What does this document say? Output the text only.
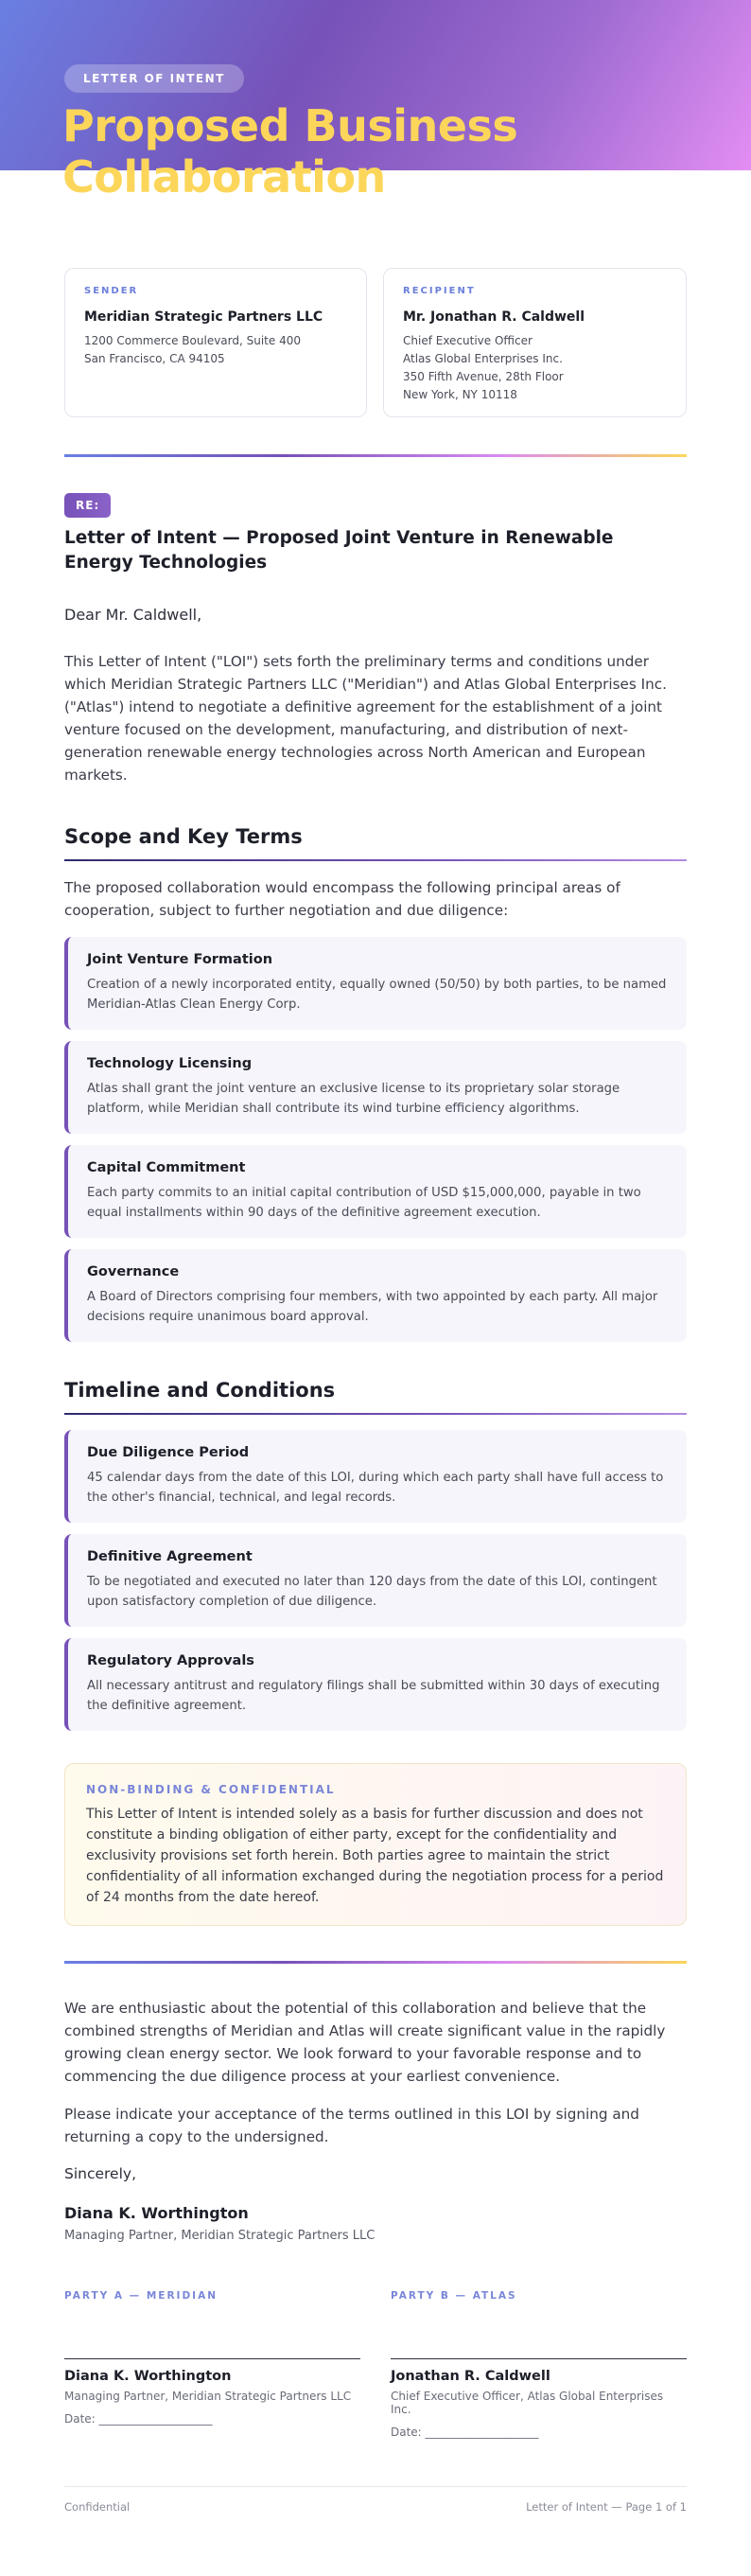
LETTER OF INTENT
Proposed Business Collaboration
SENDER
Meridian Strategic Partners LLC
1200 Commerce Boulevard, Suite 400
San Francisco, CA 94105
RECIPIENT
Mr. Jonathan R. Caldwell
Chief Executive Officer
Atlas Global Enterprises Inc.
350 Fifth Avenue, 28th Floor
New York, NY 10118
RE:
Letter of Intent — Proposed Joint Venture in Renewable Energy Technologies
Dear Mr. Caldwell,
This Letter of Intent ("LOI") sets forth the preliminary terms and conditions under which Meridian Strategic Partners LLC ("Meridian") and Atlas Global Enterprises Inc. ("Atlas") intend to negotiate a definitive agreement for the establishment of a joint venture focused on the development, manufacturing, and distribution of next-generation renewable energy technologies across North American and European markets.
Scope and Key Terms
The proposed collaboration would encompass the following principal areas of cooperation, subject to further negotiation and due diligence:
Joint Venture Formation
Creation of a newly incorporated entity, equally owned (50/50) by both parties, to be named Meridian-Atlas Clean Energy Corp.
Technology Licensing
Atlas shall grant the joint venture an exclusive license to its proprietary solar storage platform, while Meridian shall contribute its wind turbine efficiency algorithms.
Capital Commitment
Each party commits to an initial capital contribution of USD $15,000,000, payable in two equal installments within 90 days of the definitive agreement execution.
Governance
A Board of Directors comprising four members, with two appointed by each party. All major decisions require unanimous board approval.
Timeline and Conditions
Due Diligence Period
45 calendar days from the date of this LOI, during which each party shall have full access to the other's financial, technical, and legal records.
Definitive Agreement
To be negotiated and executed no later than 120 days from the date of this LOI, contingent upon satisfactory completion of due diligence.
Regulatory Approvals
All necessary antitrust and regulatory filings shall be submitted within 30 days of executing the definitive agreement.
NON-BINDING & CONFIDENTIAL
This Letter of Intent is intended solely as a basis for further discussion and does not constitute a binding obligation of either party, except for the confidentiality and exclusivity provisions set forth herein. Both parties agree to maintain the strict confidentiality of all information exchanged during the negotiation process for a period of 24 months from the date hereof.
We are enthusiastic about the potential of this collaboration and believe that the combined strengths of Meridian and Atlas will create significant value in the rapidly growing clean energy sector. We look forward to your favorable response and to commencing the due diligence process at your earliest convenience.
Please indicate your acceptance of the terms outlined in this LOI by signing and returning a copy to the undersigned.
Sincerely,
Diana K. Worthington
Managing Partner, Meridian Strategic Partners LLC
PARTY A — MERIDIAN
Diana K. Worthington
Managing Partner, Meridian Strategic Partners LLC
Date: ____________________
PARTY B — ATLAS
Jonathan R. Caldwell
Chief Executive Officer, Atlas Global Enterprises Inc.
Date: ____________________
Confidential	Letter of Intent — Page 1 of 1
